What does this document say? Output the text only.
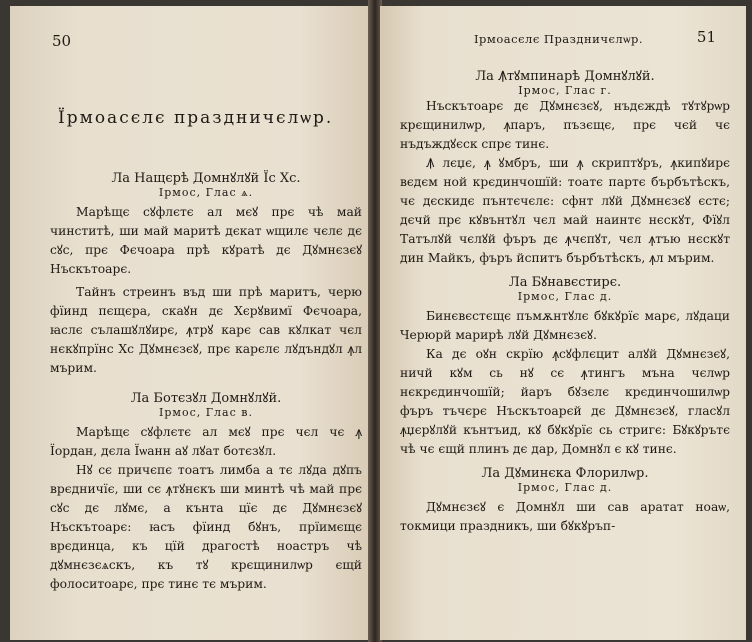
50
Їрмоасєлє праздничєлѡр.

Ла Нащєрѣ Домнꙋлꙋй Їс Хс.

Ірмос, Глас ѧ.

Марѣщє сꙋфлєтє ал мєꙋ прє чѣ май чинститѣ, ши май маритѣ дєкат ѡщилє чєлє дє сꙋс, прє Фєчоара прѣ кꙋратѣ дє Дꙋмнєзєꙋ Нъскътоарє.

Тайнъ стреинъ въд ши прѣ маритъ, черю фїинд пєщєра, скаꙋн дє Хєрꙋвимї Фєчоара, ꙗслє сълашꙋлꙋирє, ꙟтрꙋ карє сав кꙋлкат чєл нєкꙋпрїнс Хс Дꙋмнєзєꙋ, прє карєлє лꙋдъндꙋл ꙟл мърим.

Ла Ботєзꙋл Домнꙋлꙋй.

Ірмос, Глас в.

Марѣщє сꙋфлєтє ал мєꙋ прє чєл чє ꙟ Їордан, дєла Їѡанн аꙋ лꙋат ботєзꙋл.

Нꙋ сє причєпє тоатъ лимба а тє лꙋда дꙋпъ врєдничїє, ши сє ꙟтꙋнєкъ ши минтѣ чѣ май прє сꙋс дє лꙋмє, а кънта цїє дє Дꙋмнєзєꙋ Нъскътоарє: ꙗсъ фїинд бꙋнъ, прїимєщє врєдинца, къ цїй драгостѣ ноастръ чѣ дꙋмнєзєѧскъ, къ тꙋ крєщинилѡр єщй фолоситоарє, прє тинє тє мърим.

Ірмоасєлє Праздничєлѡр.	51

Ла Ꙟтꙋмпинарѣ Домнꙋлꙋй.

Ірмос, Глас г.

Нъскътоарє дє Дꙋмнєзєꙋ, нъдєждѣ тꙋтꙋрѡр крєщинилѡр, ꙟпаръ, пъзєщє, прє чєй чє нъдъждꙋєск спрє тинє.

Ꙟ лєџє, ꙟ ꙋмбръ, ши ꙟ скриптꙋръ, ꙟкипꙋирє вєдєм ной крєдинчошїй: тоатє партє бърбътѣскъ, чє дєскидє пънтєчєлє: сфнт лꙋй Дꙋмнєзєꙋ єстє; дєчй прє кꙋвънтꙋл чєл май наинтє нєскꙋт, Фїꙋл Татълꙋй чєлꙋй фъръ дє ꙟчєпꙋт, чєл ꙟтъю нєскꙋт дин Майкъ, фъръ йспитъ бърбътѣскъ, ꙟл мърим.

Ла Бꙋнавєстирє.

Ірмос, Глас д.

Бинєвєстєщє пъмѫнтꙋлє бꙋкꙋрїє марє, лꙋдаци Черюрй марирѣ лꙋй Дꙋмнєзєꙋ.

Ка дє оꙋн скрїю ꙟсꙋфлєцит алꙋй Дꙋмнєзєꙋ, ничй кꙋм сь нꙋ сє ꙟтингъ мъна чєлѡр нєкрєдинчошїй; йаръ бꙋзєлє крєдинчошилѡр фъръ тъчєрє Нъскътоарєй дє Дꙋмнєзєꙋ, гласꙋл ꙟџєрꙋлꙋй кънтъид, кꙋ бꙋкꙋрїє сь стригє: Бꙋкꙋрътє чѣ чє єщй плинъ дє дар, Домнꙋл є кꙋ тинє.

Ла Дꙋминєка Флорилѡр.

Ірмос, Глас д.

Дꙋмнєзєꙋ є Домнꙋл ши сав аратат ноаѡ, токмици праздникъ, ши бꙋкꙋръп-
